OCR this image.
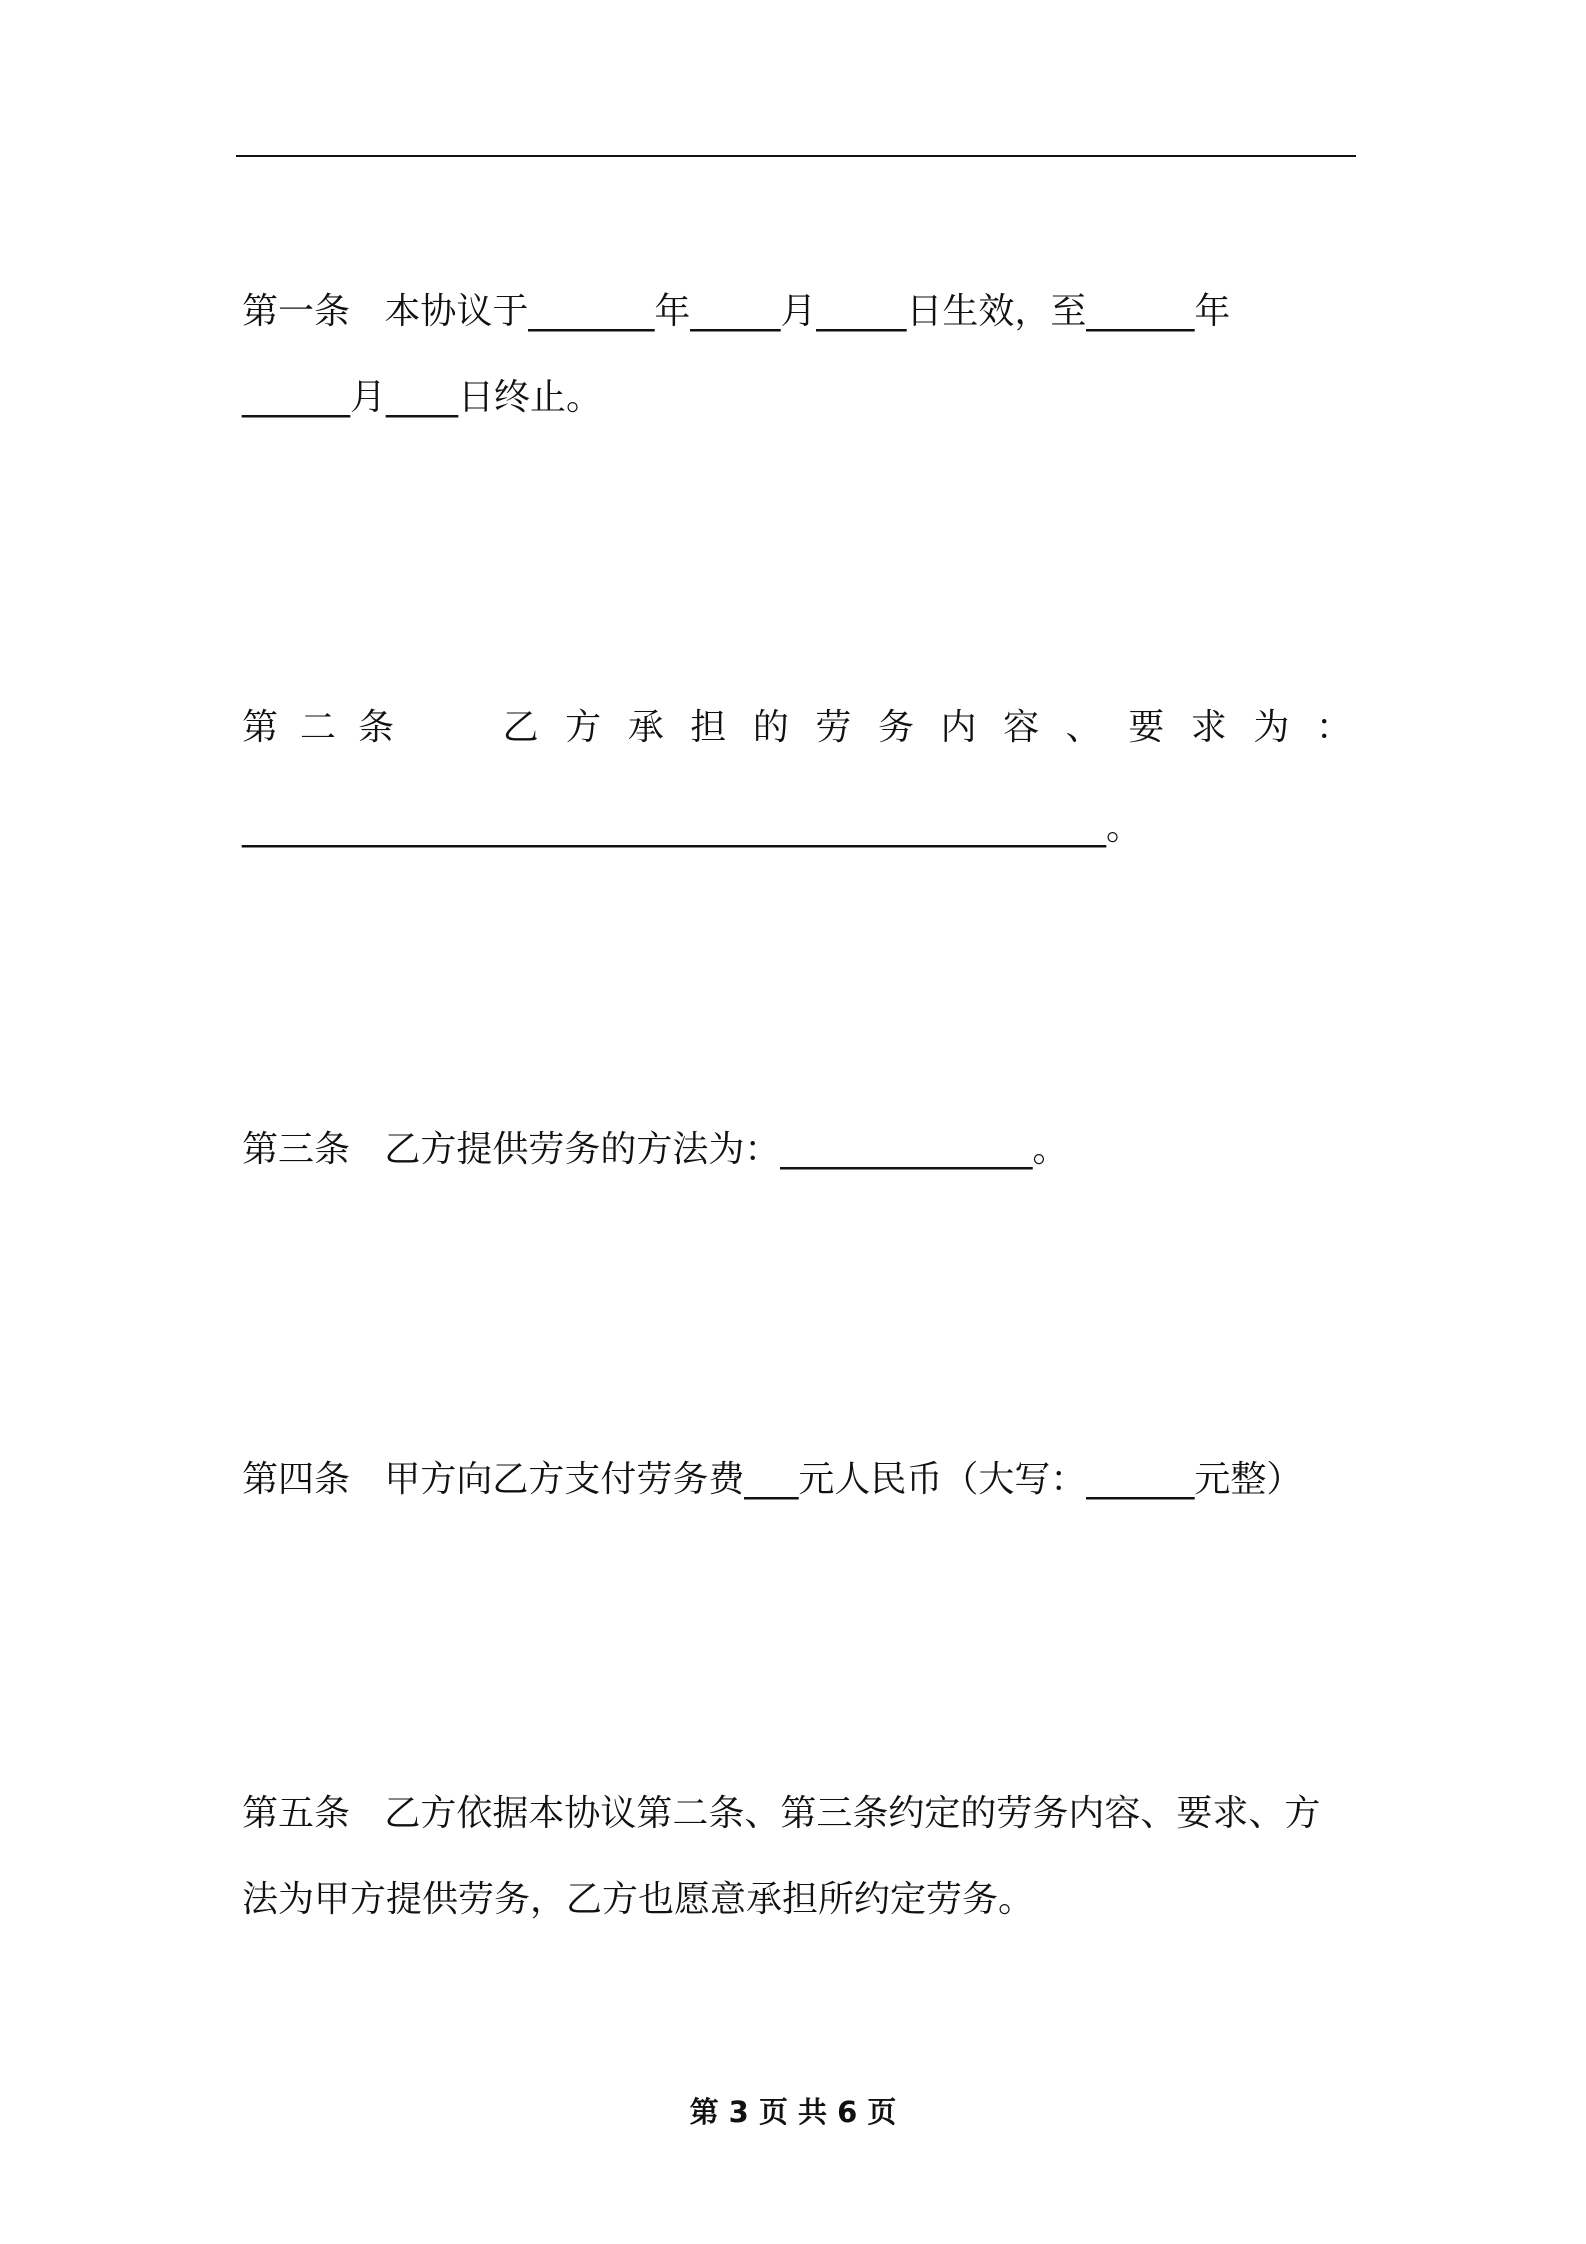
第一条   本协议于_______年_____月_____日生效，至______年
______月____日终止。
第二条 乙 方 承 担 的 劳 务 内 容 、 要 求 为 ：
________________________________________________。
第三条   乙方提供劳务的方法为：______________。
第四条   甲方向乙方支付劳务费___元人民币（大写：______元整）
第五条   乙方依据本协议第二条、第三条约定的劳务内容、要求、方
法为甲方提供劳务，乙方也愿意承担所约定劳务。
第 3 页 共 6 页
